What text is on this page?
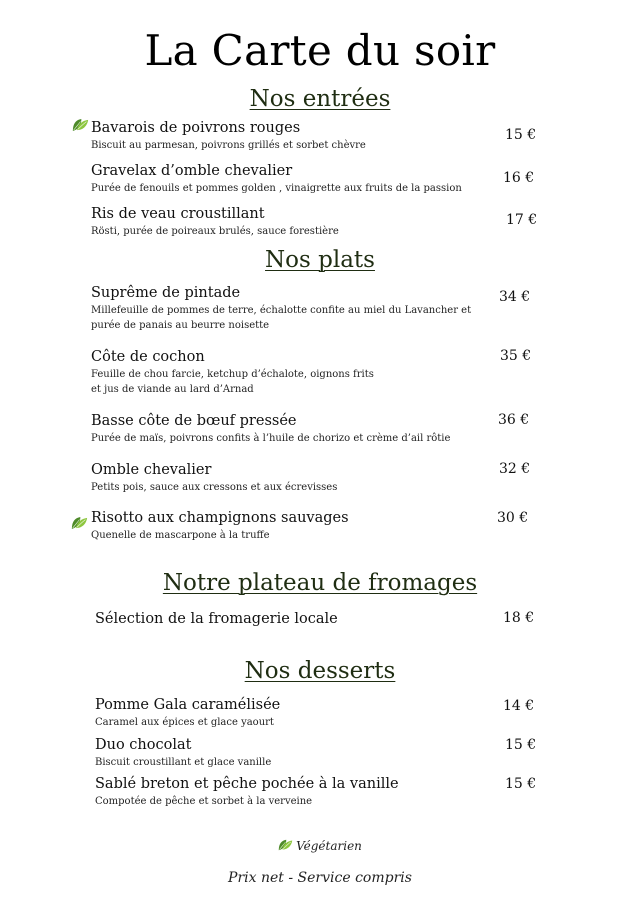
La Carte du soir
Nos entrées
Bavarois de poivrons rouges
Biscuit au parmesan, poivrons grillés et sorbet chèvre
15 €
Gravelax d’omble chevalier
Purée de fenouils et pommes golden , vinaigrette aux fruits de la passion
16 €
Ris de veau croustillant
Rösti, purée de poireaux brulés, sauce forestière
17 €
Nos plats
Suprême de pintade
Millefeuille de pommes de terre, échalotte confite au miel du Lavancher et
purée de panais au beurre noisette
34 €
Côte de cochon
Feuille de chou farcie, ketchup d’échalote, oignons frits
et jus de viande au lard d’Arnad
35 €
Basse côte de bœuf pressée
Purée de maïs, poivrons confits à l’huile de chorizo et crème d’ail rôtie
36 €
Omble chevalier
Petits pois, sauce aux cressons et aux écrevisses
32 €
Risotto aux champignons sauvages
Quenelle de mascarpone à la truffe
30 €
Notre plateau de fromages
Sélection de la fromagerie locale	18 €
Nos desserts
Pomme Gala caramélisée
Caramel aux épices et glace yaourt
14 €
Duo chocolat
Biscuit croustillant et glace vanille
15 €
Sablé breton et pêche pochée à la vanille
Compotée de pêche et sorbet à la verveine
15 €
Végétarien
Prix net - Service compris
